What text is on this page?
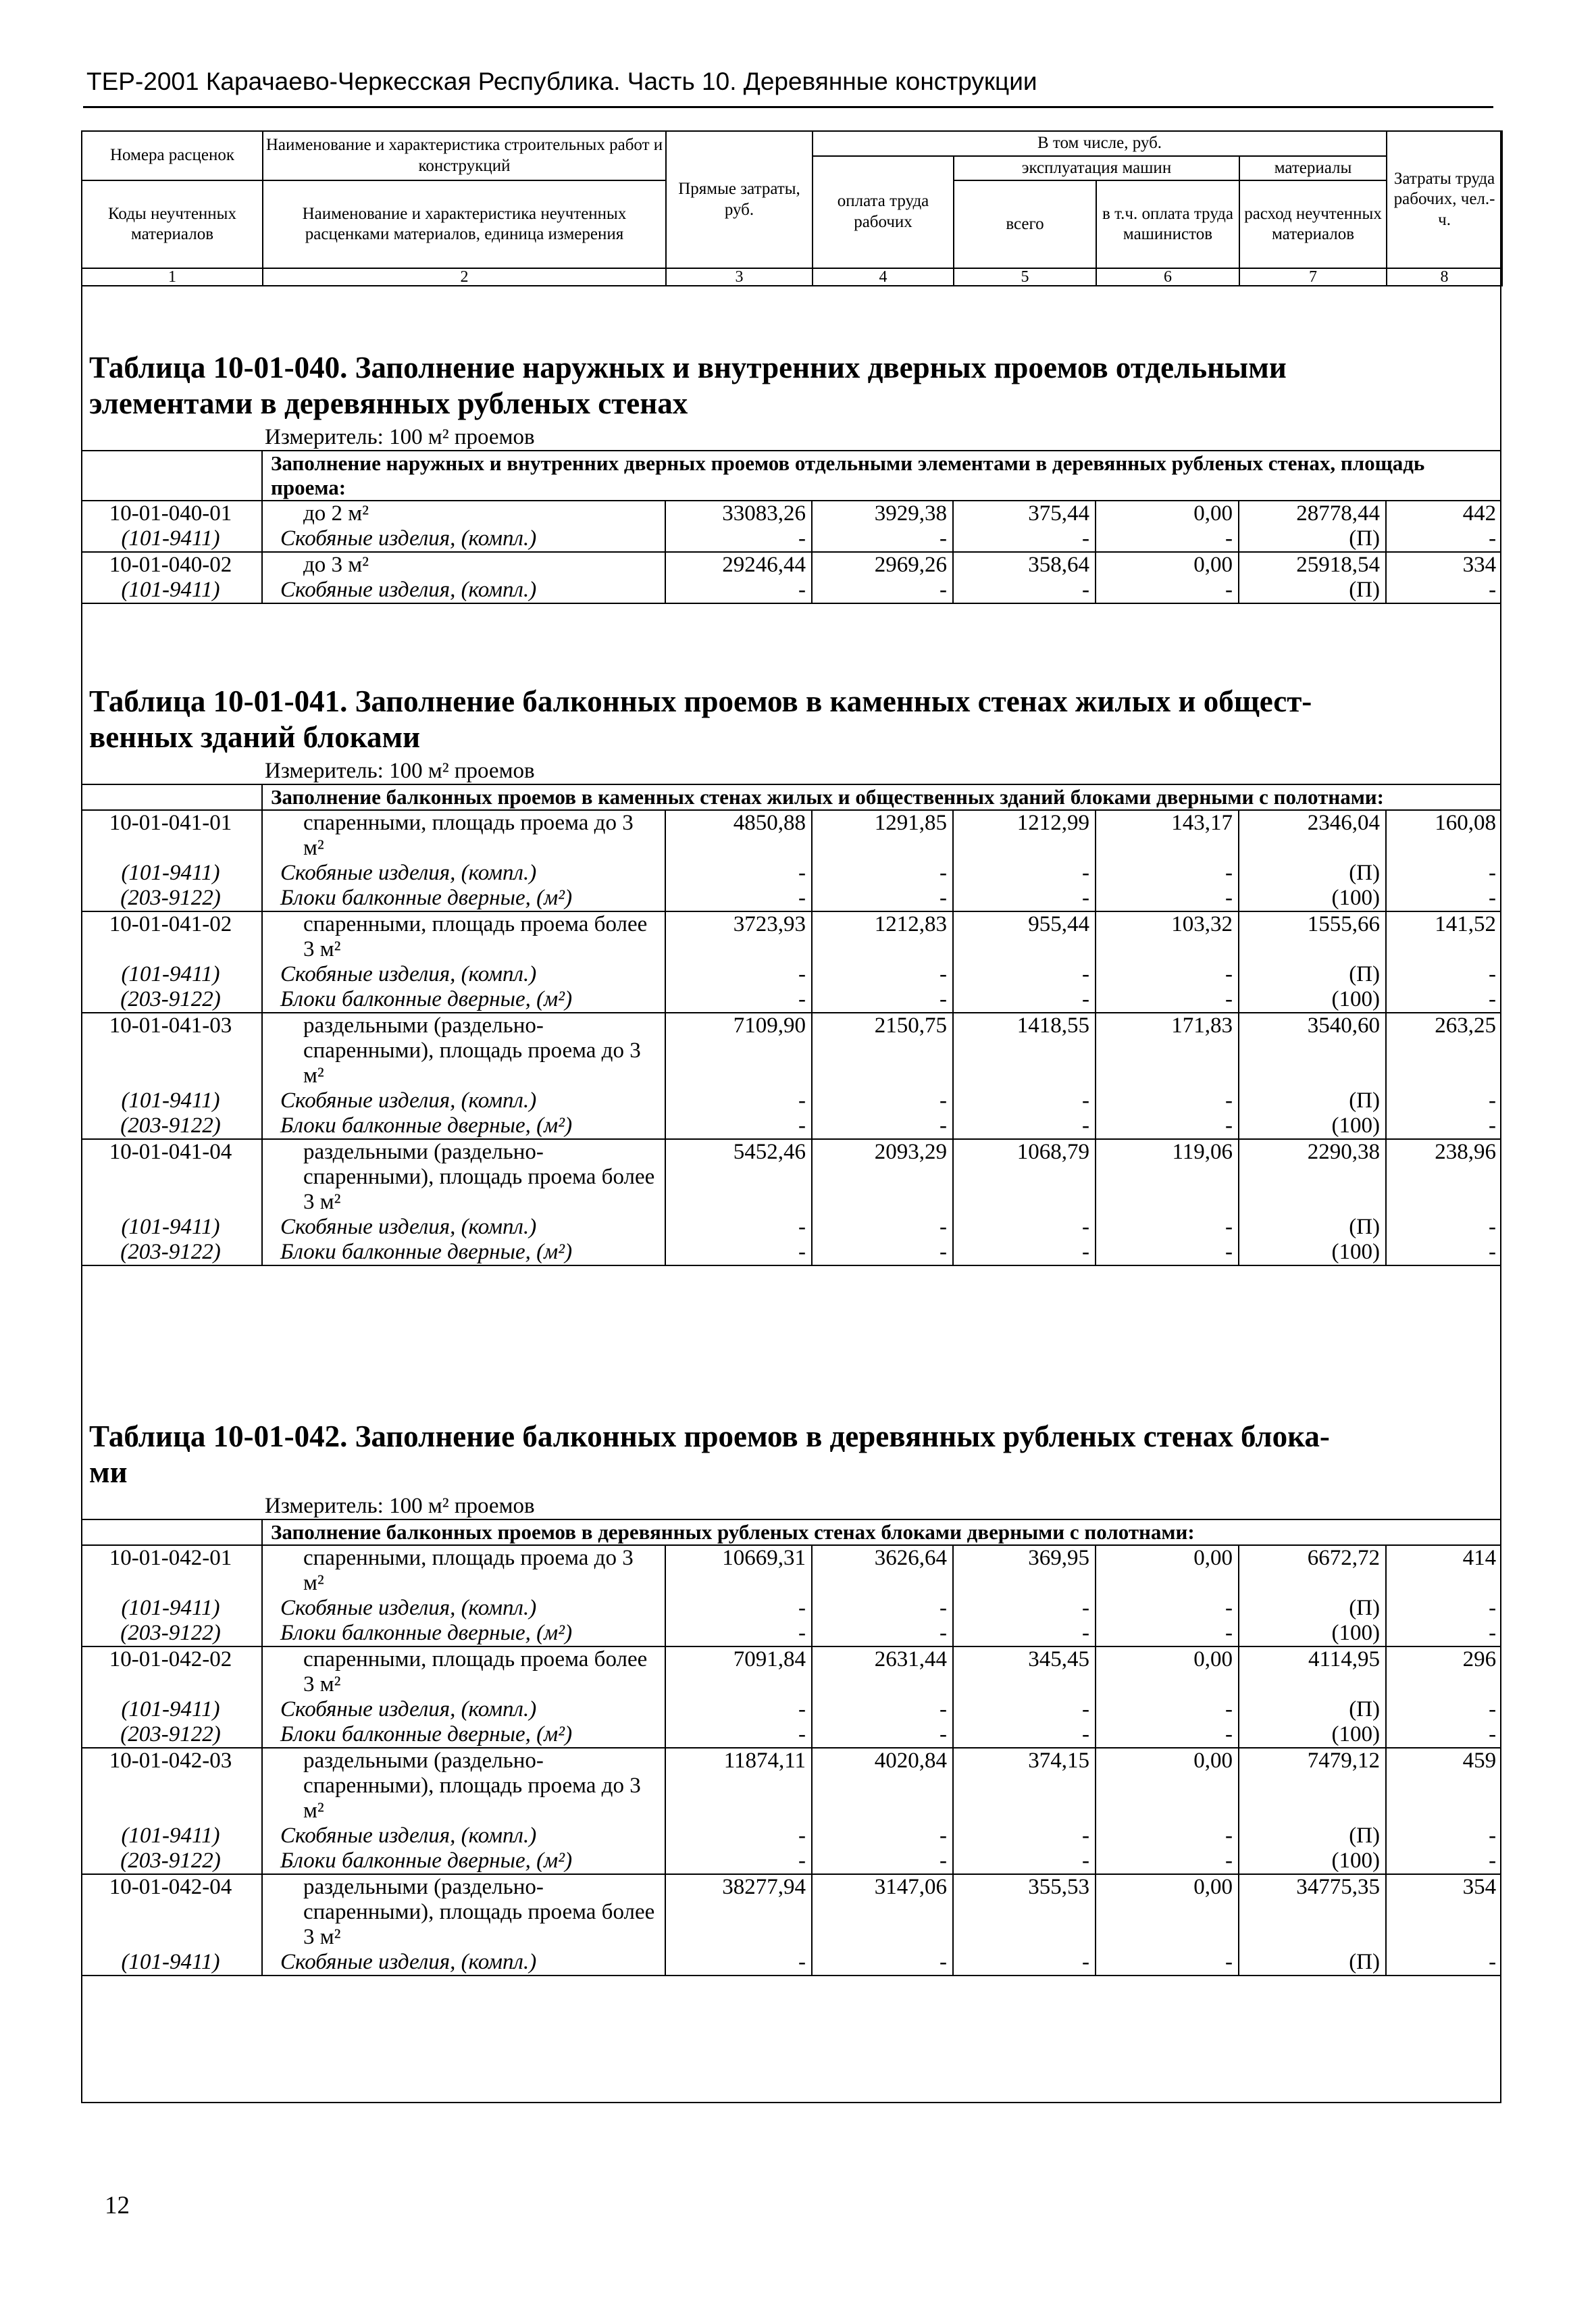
ТЕР-2001 Карачаево-Черкесская Республика. Часть 10. Деревянные конструкции
Номера расценок	Наименование и характеристика строительных работ и конструкций	Прямые затраты, руб.	В том числе, руб.				Затраты труда рабочих, чел.-ч.
			оплата труда рабочих	эксплуатация машин		материалы	
Коды неучтенных материалов	Наименование и характеристика неучтенных расценками материалов, единица измерения			всего	в т.ч. оплата труда машинистов	расход неучтенных материалов	

1	2	3	4	5	6	7	8
Таблица 10-01-040. Заполнение наружных и внутренних дверных проемов отдельными
элементами в деревянных рубленых стенах
Измеритель: 100 м² проемов
	Заполнение наружных и внутренних дверных проемов отдельными элементами в деревянных рубленых стенах, площадь проема:						
10-01-040-01	до 2 м²	33083,26	3929,38	375,44	0,00	28778,44	442
(101-9411)	Скобяные изделия, (компл.)	-	-	-	-	(П)	-
10-01-040-02	до 3 м²	29246,44	2969,26	358,64	0,00	25918,54	334
(101-9411)	Скобяные изделия, (компл.)	-	-	-	-	(П)	-
Таблица 10-01-041. Заполнение балконных проемов в каменных стенах жилых и общест-
венных зданий блоками
Измеритель: 100 м² проемов
	Заполнение балконных проемов в каменных стенах жилых и общественных зданий блоками дверными с полотнами:						
10-01-041-01	спаренными, площадь проема до 3 м²	4850,88	1291,85	1212,99	143,17	2346,04	160,08
(101-9411)	Скобяные изделия, (компл.)	-	-	-	-	(П)	-
(203-9122)	Блоки балконные дверные, (м²)	-	-	-	-	(100)	-
10-01-041-02	спаренными, площадь проема более 3 м²	3723,93	1212,83	955,44	103,32	1555,66	141,52
(101-9411)	Скобяные изделия, (компл.)	-	-	-	-	(П)	-
(203-9122)	Блоки балконные дверные, (м²)	-	-	-	-	(100)	-
10-01-041-03	раздельными (раздельно-спаренными), площадь проема до 3 м²	7109,90	2150,75	1418,55	171,83	3540,60	263,25
(101-9411)	Скобяные изделия, (компл.)	-	-	-	-	(П)	-
(203-9122)	Блоки балконные дверные, (м²)	-	-	-	-	(100)	-
10-01-041-04	раздельными (раздельно-спаренными), площадь проема более 3 м²	5452,46	2093,29	1068,79	119,06	2290,38	238,96
(101-9411)	Скобяные изделия, (компл.)	-	-	-	-	(П)	-
(203-9122)	Блоки балконные дверные, (м²)	-	-	-	-	(100)	-
Таблица 10-01-042. Заполнение балконных проемов в деревянных рубленых стенах блока-
ми
Измеритель: 100 м² проемов
	Заполнение балконных проемов в деревянных рубленых стенах блоками дверными с полотнами:						
10-01-042-01	спаренными, площадь проема до 3 м²	10669,31	3626,64	369,95	0,00	6672,72	414
(101-9411)	Скобяные изделия, (компл.)	-	-	-	-	(П)	-
(203-9122)	Блоки балконные дверные, (м²)	-	-	-	-	(100)	-
10-01-042-02	спаренными, площадь проема более 3 м²	7091,84	2631,44	345,45	0,00	4114,95	296
(101-9411)	Скобяные изделия, (компл.)	-	-	-	-	(П)	-
(203-9122)	Блоки балконные дверные, (м²)	-	-	-	-	(100)	-
10-01-042-03	раздельными (раздельно-спаренными), площадь проема до 3 м²	11874,11	4020,84	374,15	0,00	7479,12	459
(101-9411)	Скобяные изделия, (компл.)	-	-	-	-	(П)	-
(203-9122)	Блоки балконные дверные, (м²)	-	-	-	-	(100)	-
10-01-042-04	раздельными (раздельно-спаренными), площадь проема более 3 м²	38277,94	3147,06	355,53	0,00	34775,35	354
(101-9411)	Скобяные изделия, (компл.)	-	-	-	-	(П)	-
12
